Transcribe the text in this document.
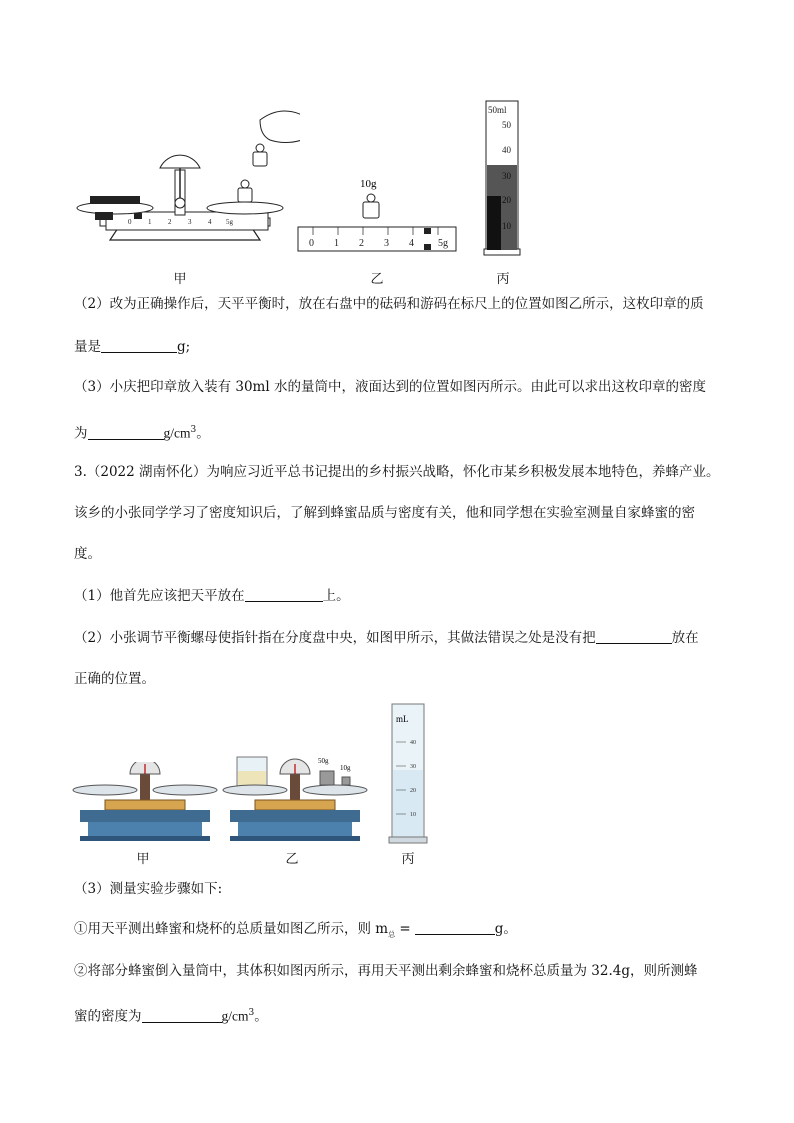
0 1 2 3 4 5g
甲
10g
0 1 2 3 4 5g
乙
50ml
50
40
30
20
10
丙
（2）改为正确操作后，天平平衡时，放在右盘中的砝码和游码在标尺上的位置如图乙所示，这枚印章的质
量是	g;
（3）小庆把印章放入装有 30ml 水的量筒中，液面达到的位置如图丙所示。由此可以求出这枚印章的密度
为	$g/cm^3$。
3.（2022 湖南怀化）为响应习近平总书记提出的乡村振兴战略，怀化市某乡积极发展本地特色，养蜂产业。
该乡的小张同学学习了密度知识后，了解到蜂蜜品质与密度有关，他和同学想在实验室测量自家蜂蜜的密
度。
（1）他首先应该把天平放在	上。
（2）小张调节平衡螺母使指针指在分度盘中央，如图甲所示，其做法错误之处是没有把	放在
正确的位置。
甲
50g
10g
乙
mL
40
30
20
10
丙
（3）测量实验步骤如下:
①用天平测出蜂蜜和烧杯的总质量如图乙所示，则 $m_总$ =	g。
②将部分蜂蜜倒入量筒中，其体积如图丙所示，再用天平测出剩余蜂蜜和烧杯总质量为 32.4g，则所测蜂
蜜的密度为	$g/cm^3$。
